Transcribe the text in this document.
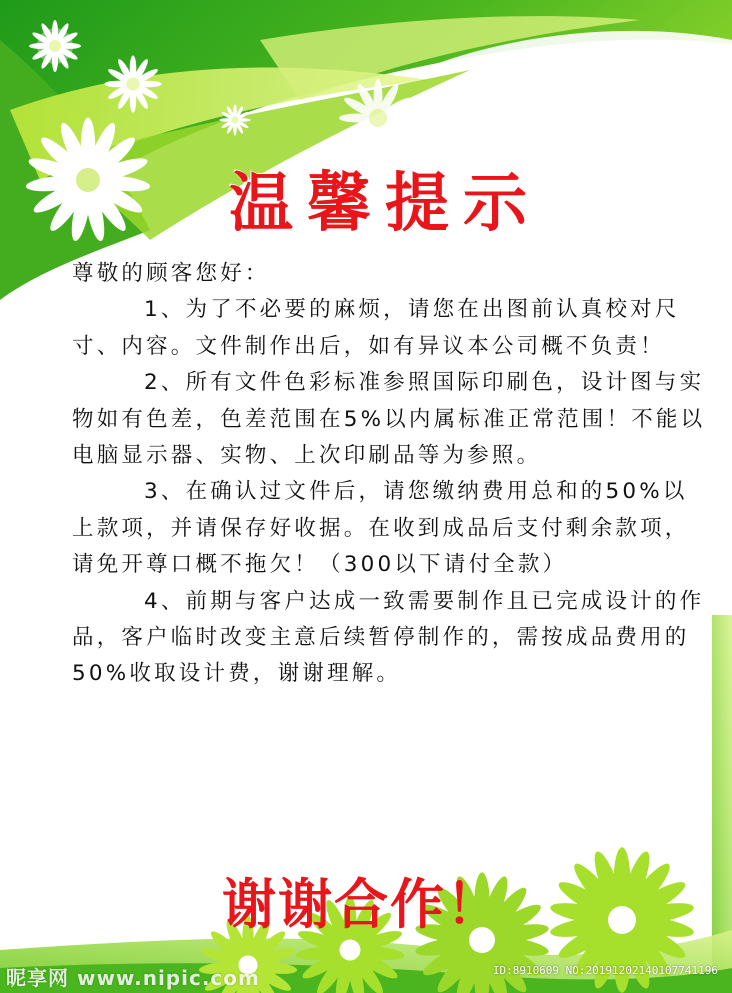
温馨提示
尊敬的顾客您好：

1、为了不必要的麻烦，请您在出图前认真校对尺寸、内容。文件制作出后，如有异议本公司概不负责！

2、所有文件色彩标准参照国际印刷色，设计图与实物如有色差，色差范围在5%以内属标准正常范围！不能以电脑显示器、实物、上次印刷品等为参照。

3、在确认过文件后，请您缴纳费用总和的50%以上款项，并请保存好收据。在收到成品后支付剩余款项，请免开尊口概不拖欠！（300以下请付全款）

4、前期与客户达成一致需要制作且已完成设计的作品，客户临时改变主意后续暂停制作的，需按成品费用的50%收取设计费，谢谢理解。

谢谢合作！
昵享网 www.nipic.com	ID:8910609 NO:20191202140107741196
